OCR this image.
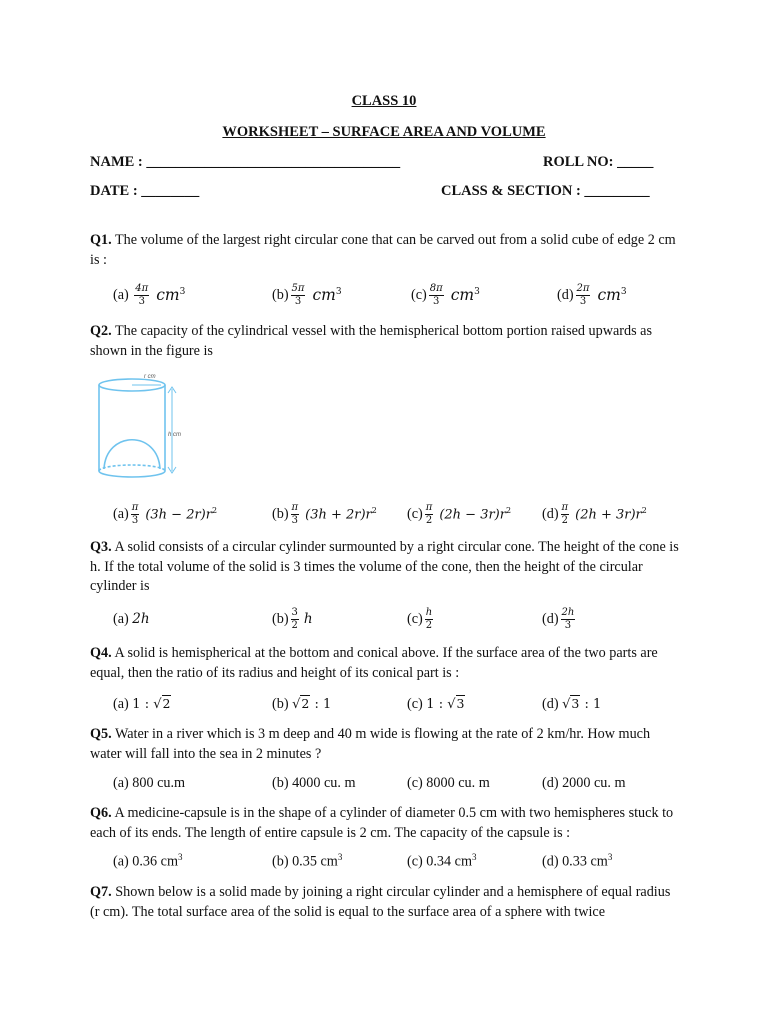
CLASS 10
WORKSHEET – SURFACE AREA AND VOLUME
NAME : ___________________________________	ROLL NO: _____
DATE : ________	CLASS & SECTION : _________
Q1. The volume of the largest right circular cone that can be carved out from a solid cube of edge 2 cm is :
(a)
$\frac{4\pi}{3} cm^3$	$(b) \frac{5\pi}{3} cm^3$	$(c) \frac{8\pi}{3} cm^3$	$(d) \frac{2\pi}{3} cm^3$
Q2. The capacity of the cylindrical vessel with the hemispherical bottom portion raised upwards as shown in the figure is
r cm
h cm
$(a) \frac{\pi}{3} (3h - 2r)r^2$	$(b) \frac{\pi}{3} (3h + 2r)r^2$ $(c) \frac{\pi}{2} (2h - 3r)r^2$ $(d) \frac{\pi}{2} (2h + 3r)r^2$
Q3. A solid consists of a circular cylinder surmounted by a right circular cone. The height of the cone is h. If the total volume of the solid is 3 times the volume of the cone, then the height of the circular cylinder is
(a)
2h	$(b) \frac{3}{2}$ h	$(c) \frac{h}{2}$	$(d) \frac{2h}{3}$
Q4. A solid is hemispherical at the bottom and conical above. If the surface area of the two parts are equal, then the ratio of its radius and height of its conical part is :
(a)
1 : √2	(b)
√2 : 1	(c)
1 : √3	(d)
√3 : 1
Q5. Water in a river which is 3 m deep and 40 m wide is flowing at the rate of 2 km/hr. How much water will fall into the sea in 2 minutes ?
(a) 800 cu.m	(b) 4000 cu. m	(c) 8000 cu. m	(d) 2000 cu. m
Q6. A medicine-capsule is in the shape of a cylinder of diameter 0.5 cm with two hemispheres stuck to each of its ends. The length of entire capsule is 2 cm. The capacity of the capsule is :
(a) 0.36 $cm^3$	(b) 0.35 $cm^3$	(c) 0.34 $cm^3$	(d) 0.33 $cm^3$
Q7. Shown below is a solid made by joining a right circular cylinder and a hemisphere of equal radius (r cm). The total surface area of the solid is equal to the surface area of a sphere with twice
